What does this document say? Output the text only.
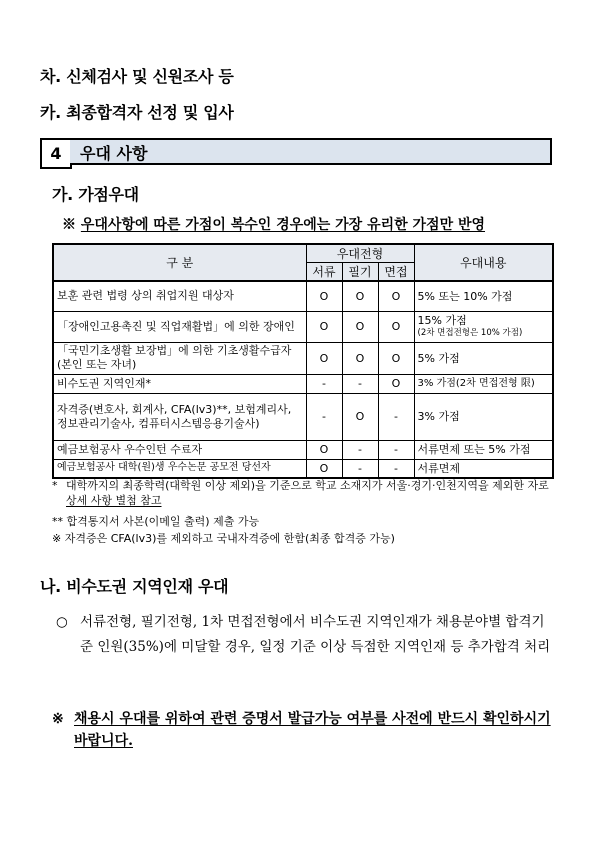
차. 신체검사 및 신원조사 등
카. 최종합격자 선정 및 입사
4	우대 사항
가. 가점우대
※ 우대사항에 따른 가점이 복수인 경우에는 가장 유리한 가점만 반영
구 분	우대전형			우대내용
	서류	필기	면접	
보훈 관련 법령 상의 취업지원 대상자	O	O	O	5% 또는 10% 가점
「장애인고용촉진 및 직업재활법」에 의한 장애인	O	O	O	15% 가점
(2차 면접전형은 10% 가점)

「국민기초생활 보장법」에 의한 기초생활수급자 (본인 또는 자녀)	O	O	O	5% 가점
비수도권 지역인재*	-	-	O	3% 가점(2차 면접전형 限)
자격증(변호사, 회계사, CFA(lv3)**, 보험계리사, 정보관리기술사, 컴퓨터시스템응용기술사)	-	O	-	3% 가점
예금보험공사 우수인턴 수료자	O	-	-	서류면제 또는 5% 가점
예금보험공사 대학(원)생 우수논문 공모전 당선자	O	-	-	서류면제
* 대학까지의 최종학력(대학원 이상 제외)을 기준으로 학교 소재지가 서울·경기·인천지역을 제외한 자로 상세 사항 별첨 참고
** 합격통지서 사본(이메일 출력) 제출 가능
※ 자격증은 CFA(lv3)를 제외하고 국내자격증에 한함(최종 합격증 가능)
나. 비수도권 지역인재 우대
○ 서류전형, 필기전형, 1차 면접전형에서 비수도권 지역인재가 채용분야별 합격기준 인원(35%)에 미달할 경우, 일정 기준 이상 득점한 지역인재 등 추가합격 처리
※ 채용시 우대를 위하여 관련 증명서 발급가능 여부를 사전에 반드시 확인하시기 바랍니다.
